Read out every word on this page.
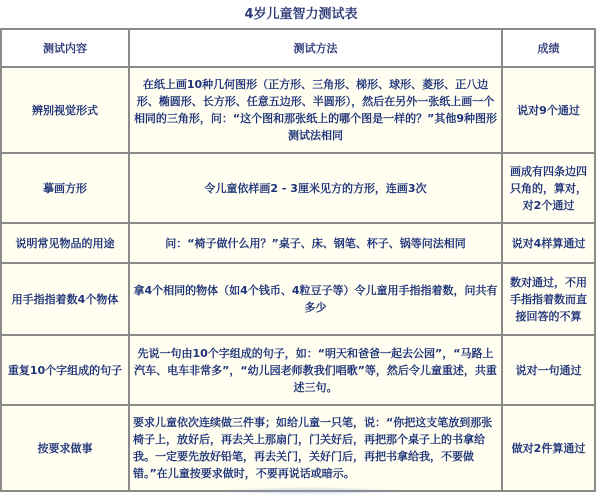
4岁儿童智力测试表
测试内容	测试方法	成绩
辨别视觉形式	在纸上画10种几何图形（正方形、三角形、梯形、球形、菱形、正八边形、椭圆形、长方形、任意五边形、半圆形），然后在另外一张纸上画一个相同的三角形，问：“这个图和那张纸上的哪个图是一样的？”其他9种图形测试法相同	说对9个通过
摹画方形	令儿童依样画2 - 3厘米见方的方形，连画3次	画成有四条边四只角的，算对，对2个通过
说明常见物品的用途	问：“椅子做什么用？”桌子、床、钢笔、杯子、锅等问法相同	说对4样算通过
用手指指着数4个物体	拿4个相同的物体（如4个钱币、4粒豆子等）令儿童用手指指着数，问共有多少	数对通过，不用手指指着数而直接回答的不算
重复10个字组成的句子	先说一句由10个字组成的句子，如：“明天和爸爸一起去公园”，“马路上汽车、电车非常多”，“幼儿园老师教我们唱歌”等，然后令儿童重述，共重述三句。	说对一句通过
按要求做事	要求儿童依次连续做三件事；如给儿童一只笔，说：“你把这支笔放到那张椅子上，放好后，再去关上那扇门，门关好后，再把那个桌子上的书拿给我。一定要先放好铅笔，再去关门，关好门后，再把书拿给我，不要做错。”在儿童按要求做时，不要再说话或暗示。	做对2件算通过
